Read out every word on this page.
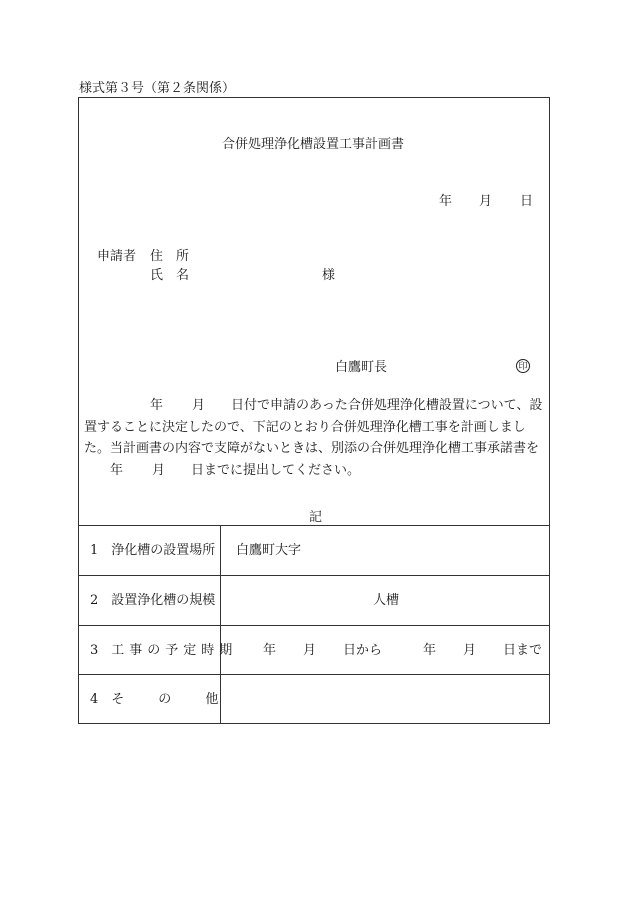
様式第３号（第２条関係）
合併処理浄化槽設置工事計画書
年 月 日
申請者 住　所
氏　名	様
白鷹町長	印
年 月 日付で申請のあった合併処理浄化槽設置について、設
置することに決定したので、下記のとおり合併処理浄化槽工事を計画しまし
た。当計画書の内容で支障がないときは、別添の合併処理浄化槽工事承諾書を
年 月 日までに提出してください。
記
1 浄化槽の設置場所 白鷹町大字
2 設置浄化槽の規模	人槽
3 工事の予定時期 年 月 日から	年 月 日まで
4 そ	の	他
